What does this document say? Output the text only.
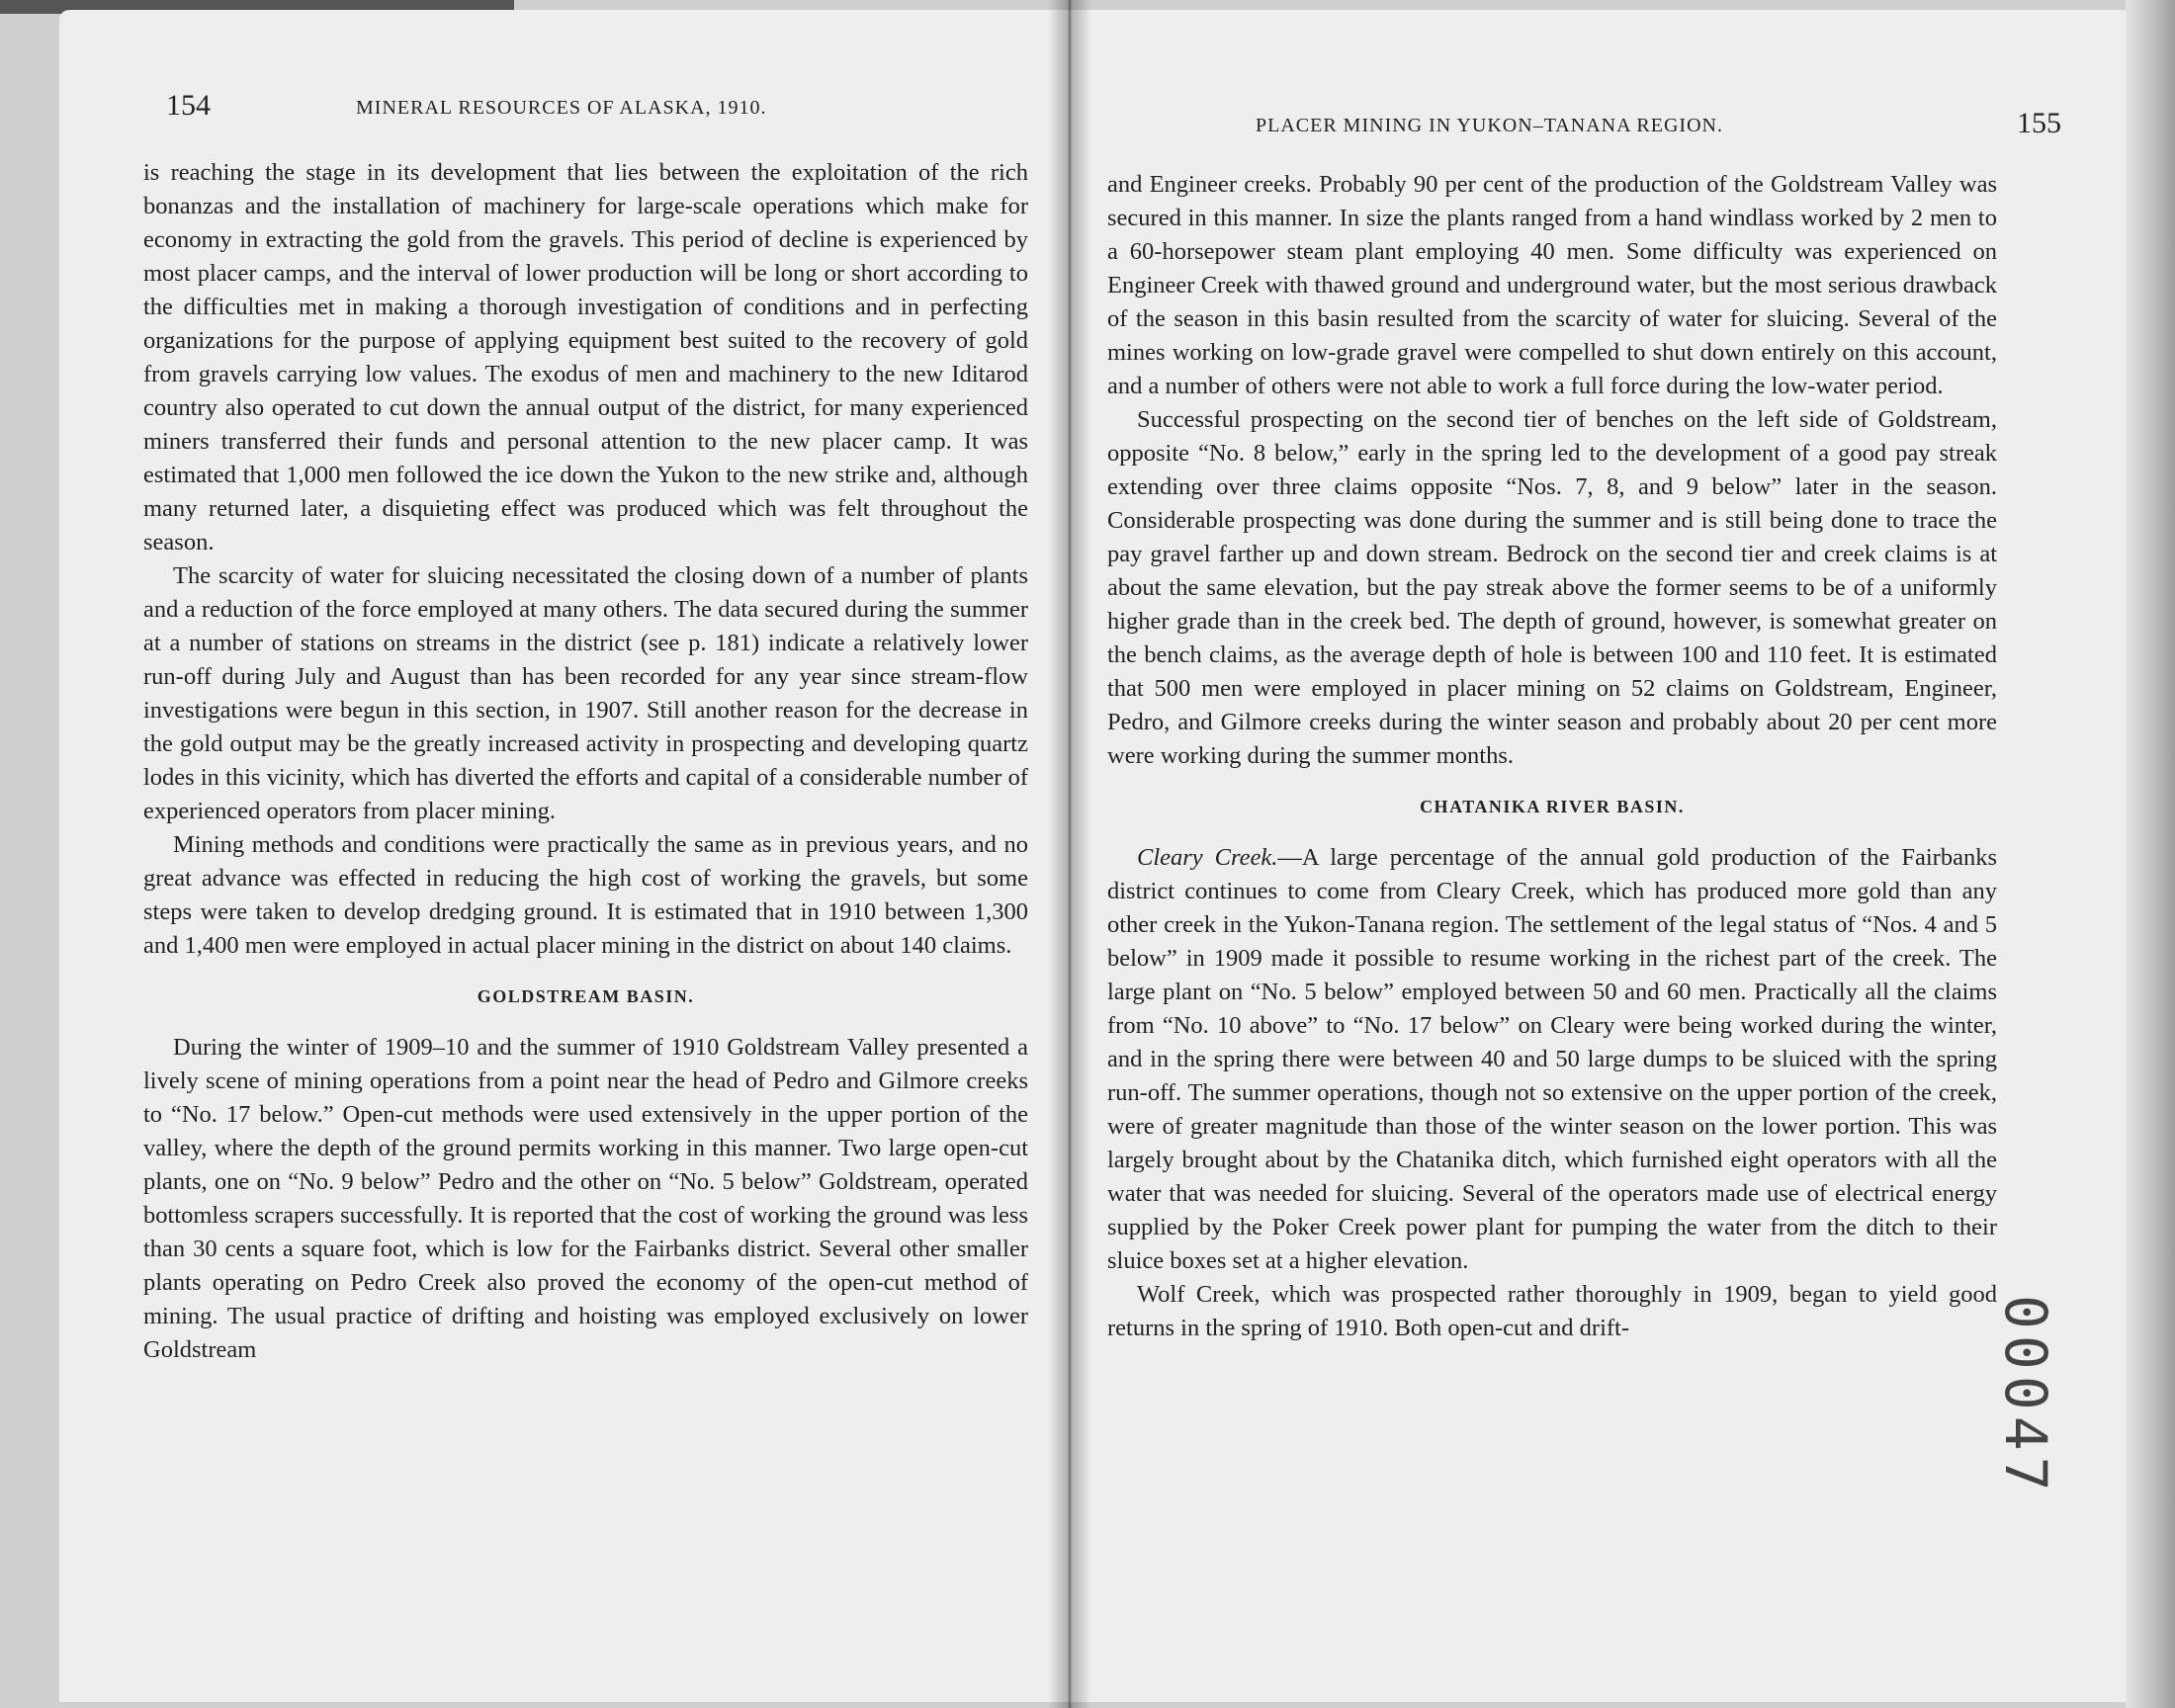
154	MINERAL RESOURCES OF ALASKA, 1910.

is reaching the stage in its development that lies between the exploitation of the rich bonanzas and the installation of machinery for large-scale operations which make for economy in extracting the gold from the gravels. This period of decline is experienced by most placer camps, and the interval of lower production will be long or short according to the difficulties met in making a thorough investigation of conditions and in perfecting organizations for the purpose of applying equipment best suited to the recovery of gold from gravels carrying low values. The exodus of men and machinery to the new Iditarod country also operated to cut down the annual output of the district, for many experienced miners transferred their funds and personal attention to the new placer camp. It was estimated that 1,000 men followed the ice down the Yukon to the new strike and, although many returned later, a disquieting effect was produced which was felt throughout the season.

The scarcity of water for sluicing necessitated the closing down of a number of plants and a reduction of the force employed at many others. The data secured during the summer at a number of stations on streams in the district (see p. 181) indicate a relatively lower run-off during July and August than has been recorded for any year since stream-flow investigations were begun in this section, in 1907. Still another reason for the decrease in the gold output may be the greatly increased activity in prospecting and developing quartz lodes in this vicinity, which has diverted the efforts and capital of a considerable number of experienced operators from placer mining.

Mining methods and conditions were practically the same as in previous years, and no great advance was effected in reducing the high cost of working the gravels, but some steps were taken to develop dredging ground. It is estimated that in 1910 between 1,300 and 1,400 men were employed in actual placer mining in the district on about 140 claims.

GOLDSTREAM BASIN.

During the winter of 1909–10 and the summer of 1910 Goldstream Valley presented a lively scene of mining operations from a point near the head of Pedro and Gilmore creeks to “No. 17 below.” Open-cut methods were used extensively in the upper portion of the valley, where the depth of the ground permits working in this manner. Two large open-cut plants, one on “No. 9 below” Pedro and the other on “No. 5 below” Goldstream, operated bottomless scrapers successfully. It is reported that the cost of working the ground was less than 30 cents a square foot, which is low for the Fairbanks district. Several other smaller plants operating on Pedro Creek also proved the economy of the open-cut method of mining. The usual practice of drifting and hoisting was employed exclusively on lower Goldstream

PLACER MINING IN YUKON–TANANA REGION.	155

and Engineer creeks. Probably 90 per cent of the production of the Goldstream Valley was secured in this manner. In size the plants ranged from a hand windlass worked by 2 men to a 60-horsepower steam plant employing 40 men. Some difficulty was experienced on Engineer Creek with thawed ground and underground water, but the most serious drawback of the season in this basin resulted from the scarcity of water for sluicing. Several of the mines working on low-grade gravel were compelled to shut down entirely on this account, and a number of others were not able to work a full force during the low-water period.

Successful prospecting on the second tier of benches on the left side of Goldstream, opposite “No. 8 below,” early in the spring led to the development of a good pay streak extending over three claims opposite “Nos. 7, 8, and 9 below” later in the season. Considerable prospecting was done during the summer and is still being done to trace the pay gravel farther up and down stream. Bedrock on the second tier and creek claims is at about the same elevation, but the pay streak above the former seems to be of a uniformly higher grade than in the creek bed. The depth of ground, however, is somewhat greater on the bench claims, as the average depth of hole is between 100 and 110 feet. It is estimated that 500 men were employed in placer mining on 52 claims on Goldstream, Engineer, Pedro, and Gilmore creeks during the winter season and probably about 20 per cent more were working during the summer months.

CHATANIKA RIVER BASIN.

Cleary Creek.—A large percentage of the annual gold production of the Fairbanks district continues to come from Cleary Creek, which has produced more gold than any other creek in the Yukon-Tanana region. The settlement of the legal status of “Nos. 4 and 5 below” in 1909 made it possible to resume working in the richest part of the creek. The large plant on “No. 5 below” employed between 50 and 60 men. Practically all the claims from “No. 10 above” to “No. 17 below” on Cleary were being worked during the winter, and in the spring there were between 40 and 50 large dumps to be sluiced with the spring run-off. The summer operations, though not so extensive on the upper portion of the creek, were of greater magnitude than those of the winter season on the lower portion. This was largely brought about by the Chatanika ditch, which furnished eight operators with all the water that was needed for sluicing. Several of the operators made use of electrical energy supplied by the Poker Creek power plant for pumping the water from the ditch to their sluice boxes set at a higher elevation.

Wolf Creek, which was prospected rather thoroughly in 1909, began to yield good returns in the spring of 1910. Both open-cut and drift-	00047
